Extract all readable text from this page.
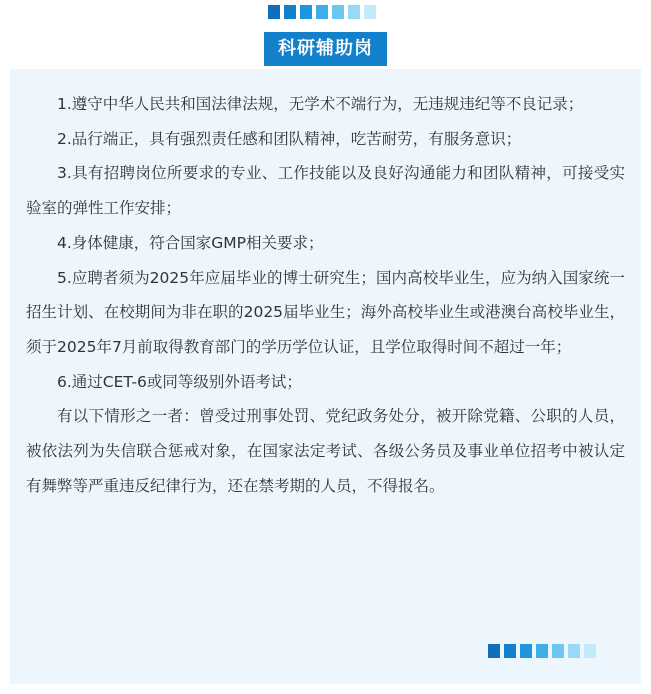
科研辅助岗

1.遵守中华人民共和国法律法规，无学术不端行为，无违规违纪等不良记录；

2.品行端正，具有强烈责任感和团队精神，吃苦耐劳，有服务意识；

3.具有招聘岗位所要求的专业、工作技能以及良好沟通能力和团队精神，可接受实验室的弹性工作安排；

4.身体健康，符合国家GMP相关要求；

5.应聘者须为2025年应届毕业的博士研究生；国内高校毕业生，应为纳入国家统一招生计划、在校期间为非在职的2025届毕业生；海外高校毕业生或港澳台高校毕业生，须于2025年7月前取得教育部门的学历学位认证，且学位取得时间不超过一年；

6.通过CET-6或同等级别外语考试；

有以下情形之一者：曾受过刑事处罚、党纪政务处分，被开除党籍、公职的人员，被依法列为失信联合惩戒对象，在国家法定考试、各级公务员及事业单位招考中被认定有舞弊等严重违反纪律行为，还在禁考期的人员，不得报名。
